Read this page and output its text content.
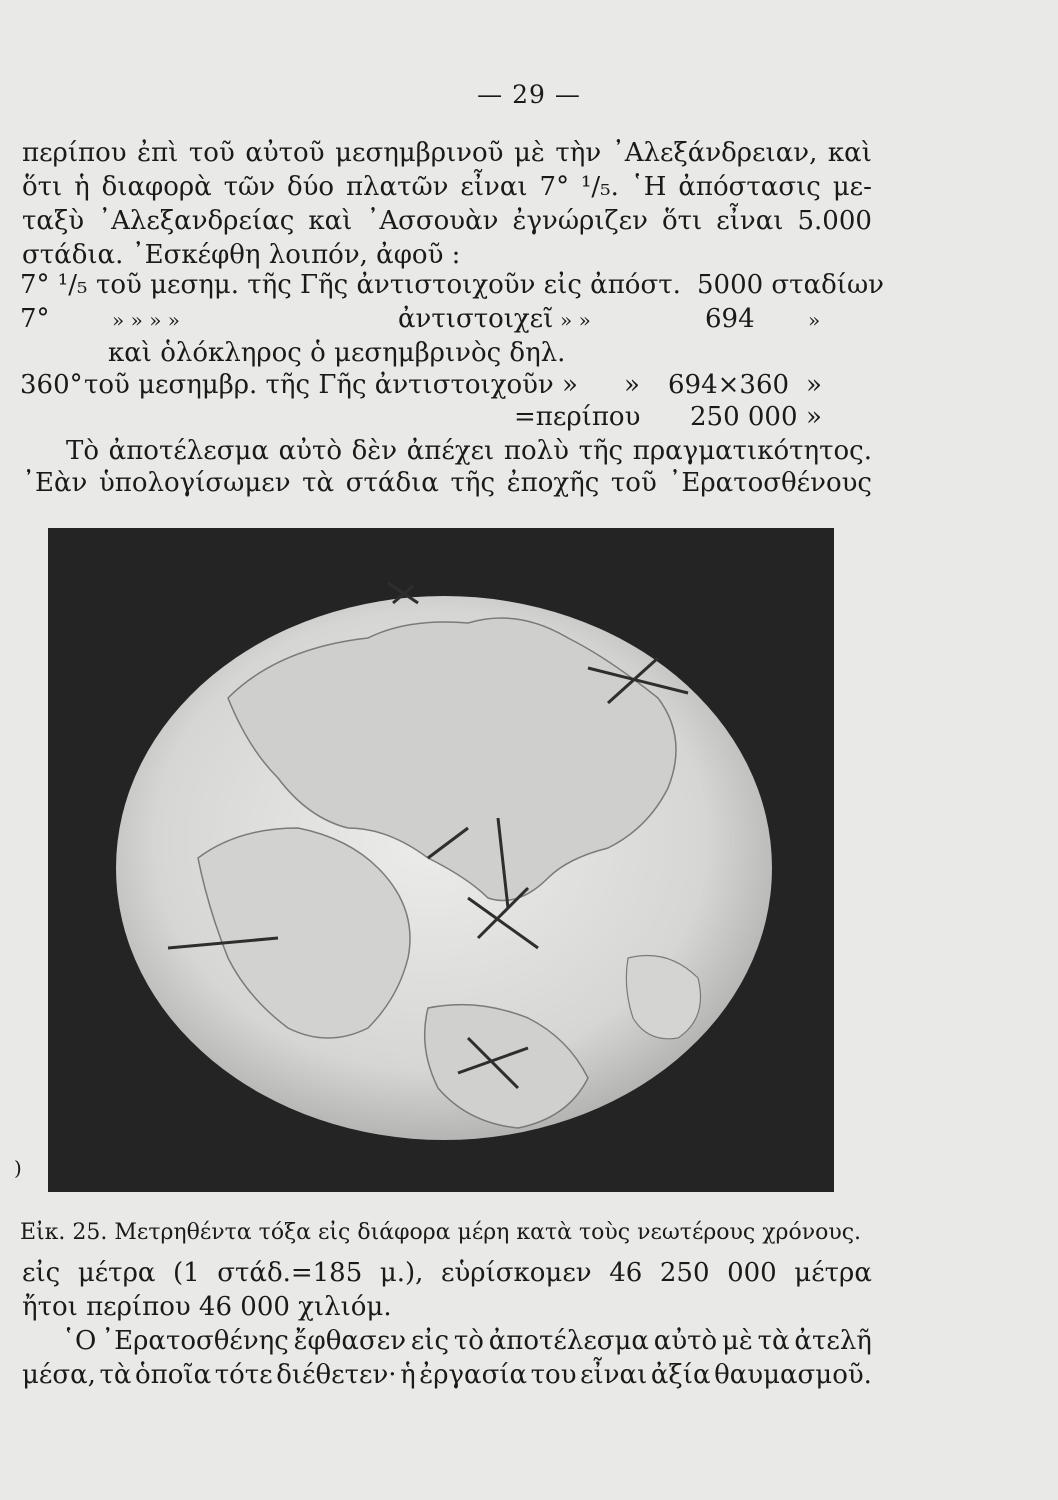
— 29 —
περίπου ἐπὶ τοῦ αὐτοῦ μεσημβρινοῦ μὲ τὴν ᾿Αλεξάνδρειαν, καὶ
ὅτι ἡ διαφορὰ τῶν δύο πλατῶν εἶναι 7° ¹/₅. ῾Η ἀπόστασις με-
ταξὺ ᾿Αλεξανδρείας καὶ ᾿Ασσουὰν ἐγνώριζεν ὅτι εἶναι 5.000
στάδια. ᾿Εσκέφθη λοιπόν, ἀφοῦ :
7° ¹/₅ τοῦ μεσημ. τῆς Γῆς ἀντιστοιχοῦν εἰς ἀπόστ. 5000 σταδίων
7°	» » » »	ἀντιστοιχεῖ » »	694	»
καὶ ὁλόκληρος ὁ μεσημβρινὸς δηλ.
360° τοῦ μεσημβρ. τῆς Γῆς ἀντιστοιχοῦν » » 694×360 »
=περίπου 250 000 »
Τὸ ἀποτέλεσμα αὐτὸ δὲν ἀπέχει πολὺ τῆς πραγματικότητος.
᾿Εὰν ὑπολογίσωμεν τὰ στάδια τῆς ἐποχῆς τοῦ ᾿Ερατοσθένους
)
Εἰκ. 25. Μετρηθέντα τόξα εἰς διάφορα μέρη κατὰ τοὺς νεωτέρους χρόνους.
εἰς μέτρα (1 στάδ.=185 μ.), εὑρίσκομεν 46 250 000 μέτρα
ἤτοι περίπου 46 000 χιλιόμ.
῾Ο ᾿Ερατοσθένης ἔφθασεν εἰς τὸ ἀποτέλεσμα αὐτὸ μὲ τὰ ἀτελῆ
μέσα, τὰ ὁποῖα τότε διέθετεν· ἡ ἐργασία του εἶναι ἀξία θαυμασμοῦ.
